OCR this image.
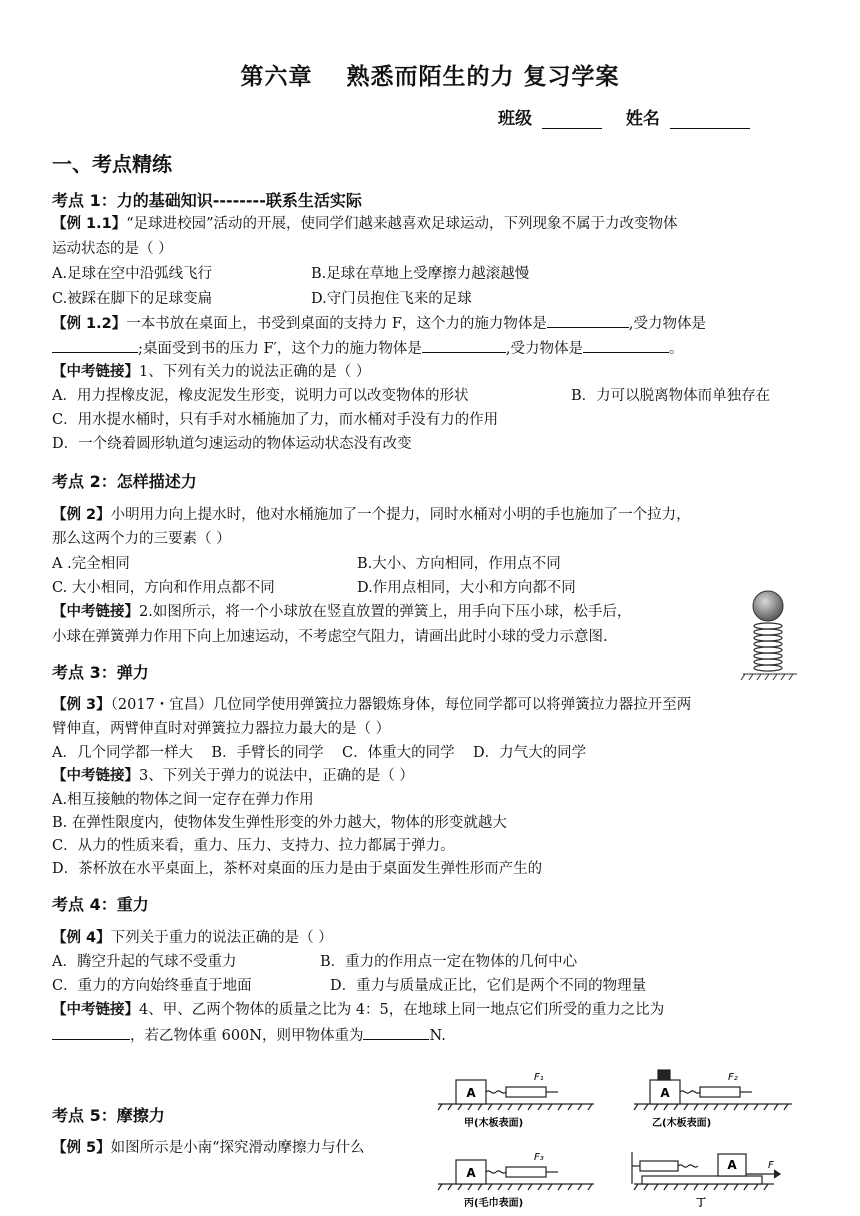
第六章 熟悉而陌生的力 复习学案
班级	姓名
一、考点精练
考点 1：力的基础知识--------联系生活实际
【例 1.1】“足球进校园”活动的开展，使同学们越来越喜欢足球运动，下列现象不属于力改变物体
运动状态的是（ ）
A.足球在空中沿弧线飞行	B.足球在草地上受摩擦力越滚越慢
C.被踩在脚下的足球变扁	D.守门员抱住飞来的足球
【例 1.2】一本书放在桌面上，书受到桌面的支持力 F，这个力的施力物体是	,受力物体是
;桌面受到书的压力 F′，这个力的施力物体是	,受力物体是	。
【中考链接】1、下列有关力的说法正确的是（ ）
A．用力捏橡皮泥，橡皮泥发生形变，说明力可以改变物体的形状	B．力可以脱离物体而单独存在
C．用水提水桶时，只有手对水桶施加了力，而水桶对手没有力的作用
D．一个绕着圆形轨道匀速运动的物体运动状态没有改变
考点 2：怎样描述力
【例 2】小明用力向上提水时，他对水桶施加了一个提力，同时水桶对小明的手也施加了一个拉力，
那么这两个力的三要素（ ）
A .完全相同	B.大小、方向相同，作用点不同
C. 大小相同，方向和作用点都不同	D.作用点相同，大小和方向都不同
【中考链接】2.如图所示，将一个小球放在竖直放置的弹簧上，用手向下压小球，松手后，
小球在弹簧弹力作用下向上加速运动，不考虑空气阻力，请画出此时小球的受力示意图.
考点 3：弹力
【例 3】（2017・宜昌）几位同学使用弹簧拉力器锻炼身体，每位同学都可以将弹簧拉力器拉开至两
臂伸直，两臂伸直时对弹簧拉力器拉力最大的是（ ）
A．几个同学都一样大    B．手臂长的同学    C．体重大的同学    D．力气大的同学
【中考链接】3、下列关于弹力的说法中，正确的是（ ）
A.相互接触的物体之间一定存在弹力作用
B. 在弹性限度内，使物体发生弹性形变的外力越大，物体的形变就越大
C．从力的性质来看，重力、压力、支持力、拉力都属于弹力。
D．茶杯放在水平桌面上，茶杯对桌面的压力是由于桌面发生弹性形而产生的
考点 4：重力
【例 4】下列关于重力的说法正确的是（ ）
A．腾空升起的气球不受重力	B．重力的作用点一定在物体的几何中心
C．重力的方向始终垂直于地面	D．重力与质量成正比，它们是两个不同的物理量
【中考链接】4、甲、乙两个物体的质量之比为 4：5，在地球上同一地点它们所受的重力之比为
，若乙物体重 600N，则甲物体重为	N.
考点 5：摩擦力
【例 5】如图所示是小南“探究滑动摩擦力与什么
A	A
A
A
F₁	F₂
F₃
F
甲(木板表面)	乙(木板表面)
丙(毛巾表面)	丁
